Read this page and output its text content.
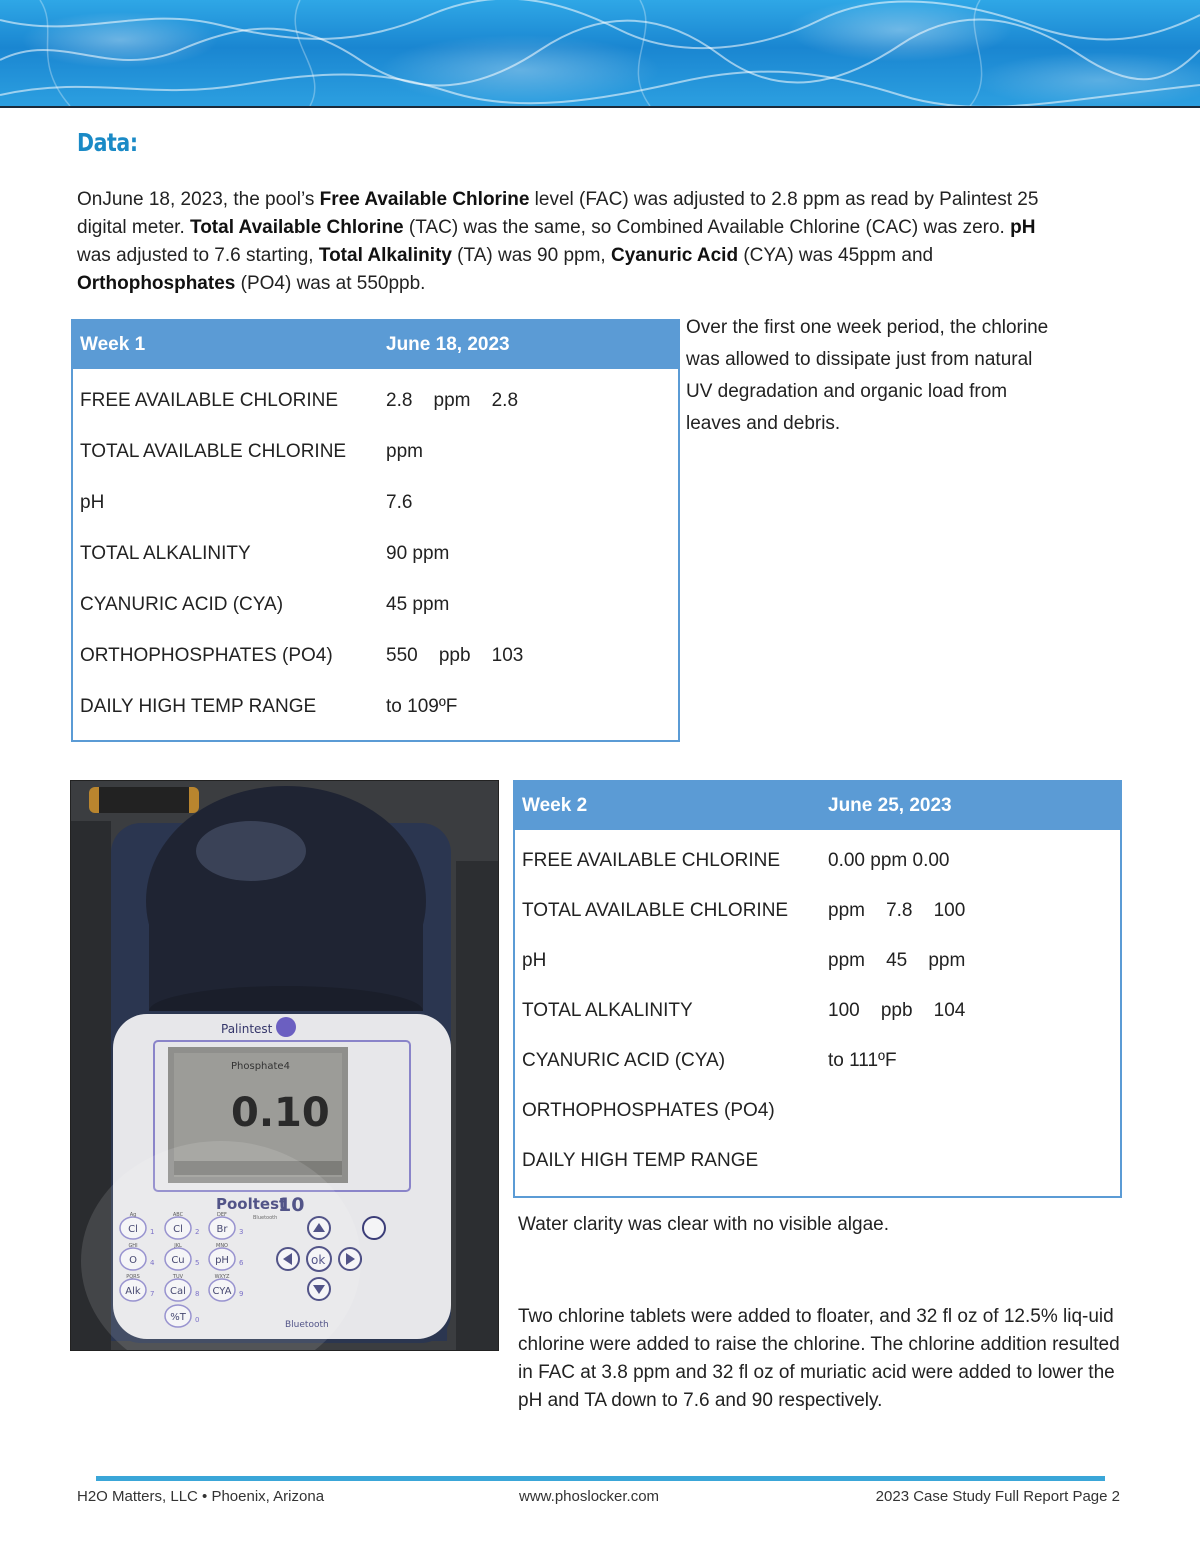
Data:
OnJune 18, 2023, the pool’s Free Available Chlorine level (FAC) was adjusted to 2.8 ppm as read by Palintest 25 digital meter. Total Available Chlorine (TAC) was the same, so Combined Available Chlorine (CAC) was zero. pH was adjusted to 7.6 starting, Total Alkalinity (TA) was 90 ppm, Cyanuric Acid (CYA) was 45ppm and Orthophosphates (PO4) was at 550ppb.
Week 1	June 18, 2023
FREE AVAILABLE CHLORINE	2.8    ppm    2.8
TOTAL AVAILABLE CHLORINE	ppm
pH	7.6
TOTAL ALKALINITY	90 ppm
CYANURIC ACID (CYA)	45 ppm
ORTHOPHOSPHATES (PO4)	550    ppb    103
DAILY HIGH TEMP RANGE	to 109ºF
Over the first one week period, the chlorine was allowed to dissipate just from natural UV degradation and organic load from leaves and debris.
Phosphate4
0.10
Palintest
Week 2	June 25, 2023
FREE AVAILABLE CHLORINE	0.00 ppm 0.00
TOTAL AVAILABLE CHLORINE	ppm    7.8    100
pH	ppm    45    ppm
TOTAL ALKALINITY	100    ppb    104
CYANURIC ACID (CYA)	to 111ºF
ORTHOPHOSPHATES (PO4)	
DAILY HIGH TEMP RANGE	
Water clarity was clear with no visible algae.
Two chlorine tablets were added to floater, and 32 fl oz of 12.5% liq-uid chlorine were added to raise the chlorine. The chlorine addition resulted in FAC at 3.8 ppm and 32 fl oz of muriatic acid were added to lower the pH and TA down to 7.6 and 90 respectively.
H2O Matters, LLC • Phoenix, Arizona	www.phoslocker.com	2023 Case Study Full Report Page 2
